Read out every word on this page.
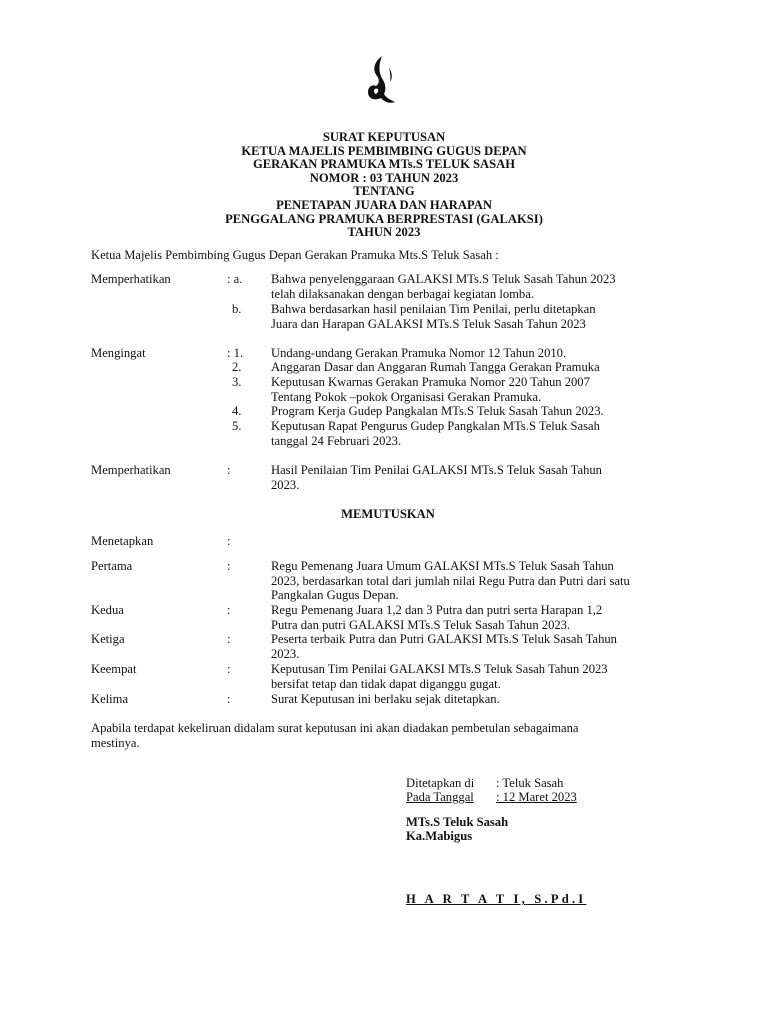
SURAT KEPUTUSAN
KETUA MAJELIS PEMBIMBING GUGUS DEPAN
GERAKAN PRAMUKA MTs.S TELUK SASAH
NOMOR : 03 TAHUN 2023
TENTANG
PENETAPAN JUARA DAN HARAPAN
PENGGALANG PRAMUKA BERPRESTASI (GALAKSI)
TAHUN 2023
Ketua Majelis Pembimbing Gugus Depan Gerakan Pramuka Mts.S Teluk Sasah :
Memperhatikan	: a. Bahwa penyelenggaraan GALAKSI MTs.S Teluk Sasah Tahun 2023
telah dilaksanakan dengan berbagai kegiatan lomba.
b. Bahwa berdasarkan hasil penilaian Tim Penilai, perlu ditetapkan
Juara dan Harapan GALAKSI MTs.S Teluk Sasah Tahun 2023
Mengingat	: 1. Undang-undang Gerakan Pramuka Nomor 12 Tahun 2010.
2. Anggaran Dasar dan Anggaran Rumah Tangga Gerakan Pramuka
3. Keputusan Kwarnas Gerakan Pramuka Nomor 220 Tahun 2007
Tentang Pokok –pokok Organisasi Gerakan Pramuka.
4. Program Kerja Gudep Pangkalan MTs.S Teluk Sasah Tahun 2023.
5. Keputusan Rapat Pengurus Gudep Pangkalan MTs.S Teluk Sasah
tanggal 24 Februari 2023.
Memperhatikan	:	Hasil Penilaian Tim Penilai GALAKSI MTs.S Teluk Sasah Tahun
2023.
MEMUTUSKAN
Menetapkan	:
Pertama	:	Regu Pemenang Juara Umum GALAKSI MTs.S Teluk Sasah Tahun
2023, berdasarkan total dari jumlah nilai Regu Putra dan Putri dari satu
Pangkalan Gugus Depan.
Kedua	:	Regu Pemenang Juara 1,2 dan 3 Putra dan putri serta Harapan 1,2
Putra dan putri GALAKSI MTs.S Teluk Sasah Tahun 2023.
Ketiga	:	Peserta terbaik Putra dan Putri GALAKSI MTs.S Teluk Sasah Tahun
2023.
Keempat	:	Keputusan Tim Penilai GALAKSI MTs.S Teluk Sasah Tahun 2023
bersifat tetap dan tidak dapat diganggu gugat.
Kelima	:	Surat Keputusan ini berlaku sejak ditetapkan.
Apabila terdapat kekeliruan didalam surat keputusan ini akan diadakan pembetulan sebagaimana
mestinya.
Ditetapkan di : Teluk Sasah
Pada Tanggal	: 12 Maret 2023
MTs.S Teluk Sasah
Ka.Mabigus
H A R T A T I, S.Pd.I
